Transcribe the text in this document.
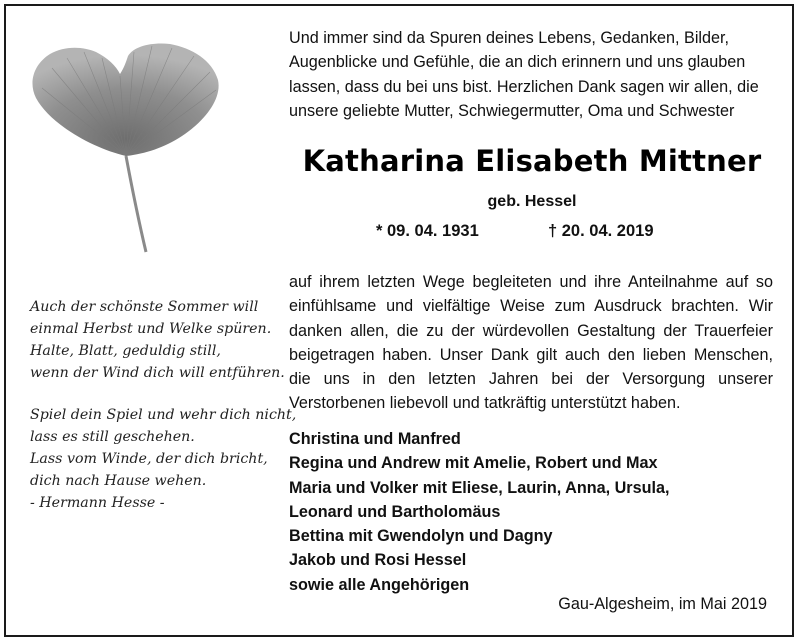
Auch der schönste Sommer will
einmal Herbst und Welke spüren.
Halte, Blatt, geduldig still,
wenn der Wind dich will entführen.
Spiel dein Spiel und wehr dich nicht,
lass es still geschehen.
Lass vom Winde, der dich bricht,
dich nach Hause wehen.
- Hermann Hesse -
Und immer sind da Spuren deines Lebens, Gedanken, Bilder,
Augenblicke und Gefühle, die an dich erinnern und uns glauben
lassen, dass du bei uns bist. Herzlichen Dank sagen wir allen, die
unsere geliebte Mutter, Schwiegermutter, Oma und Schwester
Katharina Elisabeth Mittner
geb. Hessel
* 09. 04. 1931	† 20. 04. 2019
auf ihrem letzten Wege begleiteten und ihre Anteilnahme auf so
einfühlsame und vielfältige Weise zum Ausdruck brachten. Wir
danken allen, die zu der würdevollen Gestaltung der Trauerfeier
beigetragen haben. Unser Dank gilt auch den lieben Menschen,
die uns in den letzten Jahren bei der Versorgung unserer
Verstorbenen liebevoll und tatkräftig unterstützt haben.
Christina und Manfred
Regina und Andrew mit Amelie, Robert und Max
Maria und Volker mit Eliese, Laurin, Anna, Ursula,
Leonard und Bartholomäus
Bettina mit Gwendolyn und Dagny
Jakob und Rosi Hessel
sowie alle Angehörigen
Gau-Algesheim, im Mai 2019
